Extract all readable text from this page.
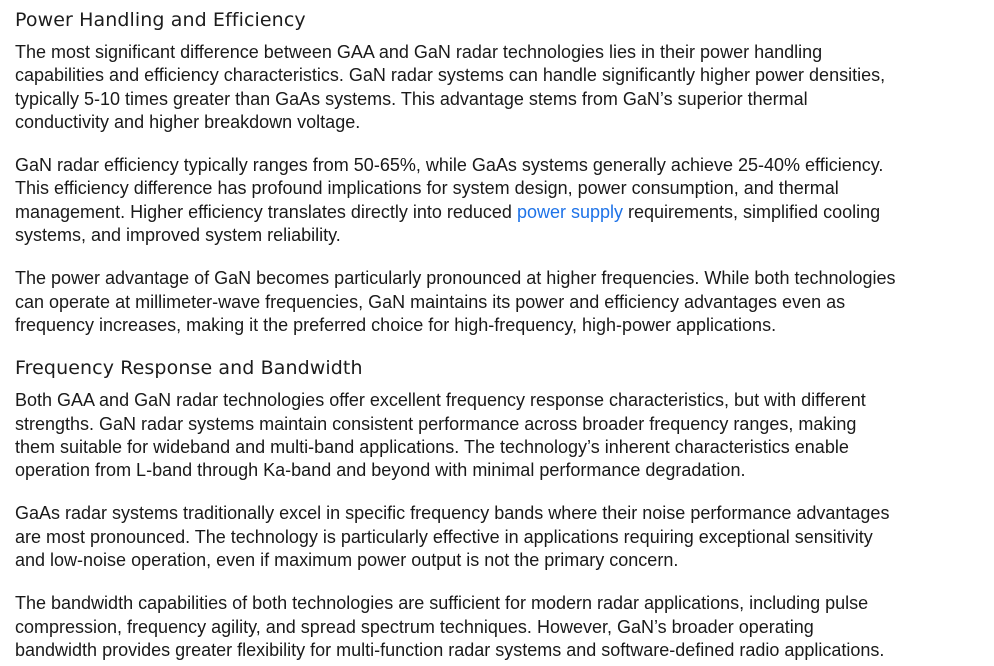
Power Handling and Efficiency

The most significant difference between GAA and GaN radar technologies lies in their power handling
capabilities and efficiency characteristics. GaN radar systems can handle significantly higher power densities,
typically 5-10 times greater than GaAs systems. This advantage stems from GaN’s superior thermal
conductivity and higher breakdown voltage.

GaN radar efficiency typically ranges from 50-65%, while GaAs systems generally achieve 25-40% efficiency.
This efficiency difference has profound implications for system design, power consumption, and thermal
management. Higher efficiency translates directly into reduced power supply requirements, simplified cooling
systems, and improved system reliability.

The power advantage of GaN becomes particularly pronounced at higher frequencies. While both technologies
can operate at millimeter-wave frequencies, GaN maintains its power and efficiency advantages even as
frequency increases, making it the preferred choice for high-frequency, high-power applications.

Frequency Response and Bandwidth

Both GAA and GaN radar technologies offer excellent frequency response characteristics, but with different
strengths. GaN radar systems maintain consistent performance across broader frequency ranges, making
them suitable for wideband and multi-band applications. The technology’s inherent characteristics enable
operation from L-band through Ka-band and beyond with minimal performance degradation.

GaAs radar systems traditionally excel in specific frequency bands where their noise performance advantages
are most pronounced. The technology is particularly effective in applications requiring exceptional sensitivity
and low-noise operation, even if maximum power output is not the primary concern.

The bandwidth capabilities of both technologies are sufficient for modern radar applications, including pulse
compression, frequency agility, and spread spectrum techniques. However, GaN’s broader operating
bandwidth provides greater flexibility for multi-function radar systems and software-defined radio applications.
